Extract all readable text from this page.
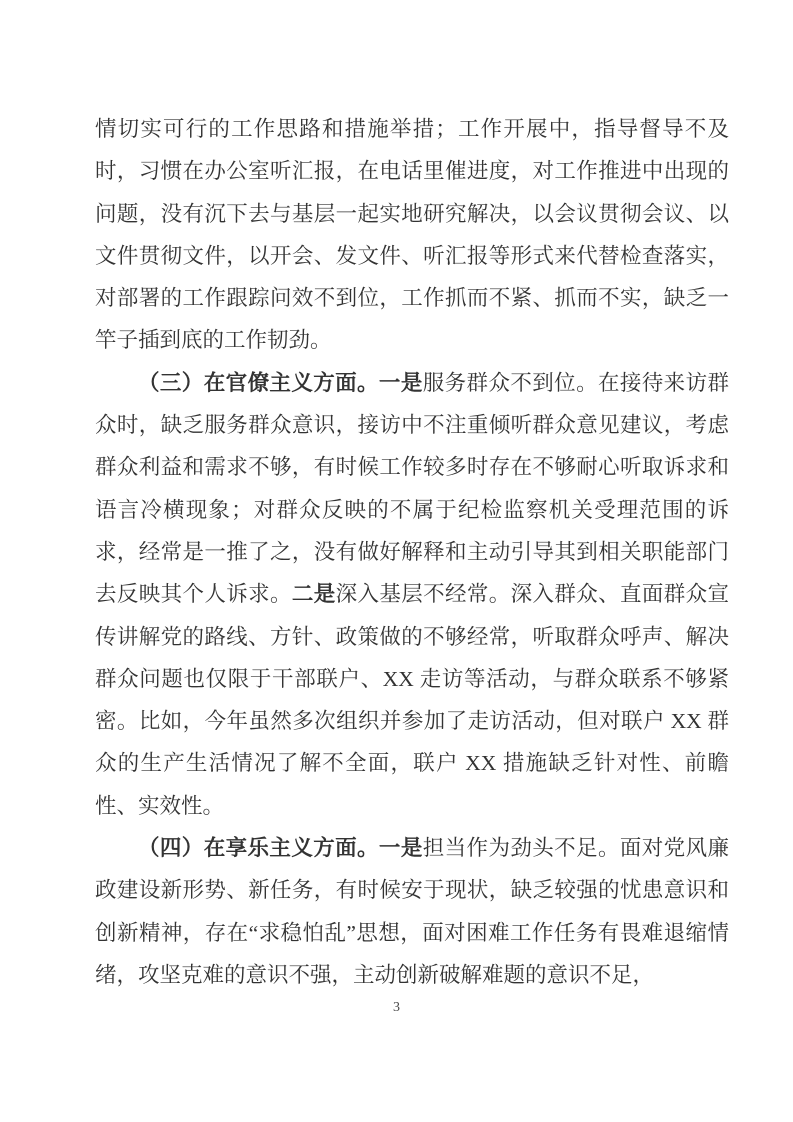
情切实可行的工作思路和措施举措；工作开展中，指导督导不及时，习惯在办公室听汇报，在电话里催进度，对工作推进中出现的问题，没有沉下去与基层一起实地研究解决，以会议贯彻会议、以文件贯彻文件，以开会、发文件、听汇报等形式来代替检查落实，对部署的工作跟踪问效不到位，工作抓而不紧、抓而不实，缺乏一竿子插到底的工作韧劲。

（三）在官僚主义方面。一是服务群众不到位。在接待来访群众时，缺乏服务群众意识，接访中不注重倾听群众意见建议，考虑群众利益和需求不够，有时候工作较多时存在不够耐心听取诉求和语言冷横现象；对群众反映的不属于纪检监察机关受理范围的诉求，经常是一推了之，没有做好解释和主动引导其到相关职能部门去反映其个人诉求。二是深入基层不经常。深入群众、直面群众宣传讲解党的路线、方针、政策做的不够经常，听取群众呼声、解决群众问题也仅限于干部联户、XX 走访等活动，与群众联系不够紧密。比如，今年虽然多次组织并参加了走访活动，但对联户 XX 群众的生产生活情况了解不全面，联户 XX 措施缺乏针对性、前瞻性、实效性。

（四）在享乐主义方面。一是担当作为劲头不足。面对党风廉政建设新形势、新任务，有时候安于现状，缺乏较强的忧患意识和创新精神，存在“求稳怕乱”思想，面对困难工作任务有畏难退缩情绪，攻坚克难的意识不强，主动创新破解难题的意识不足，

3
